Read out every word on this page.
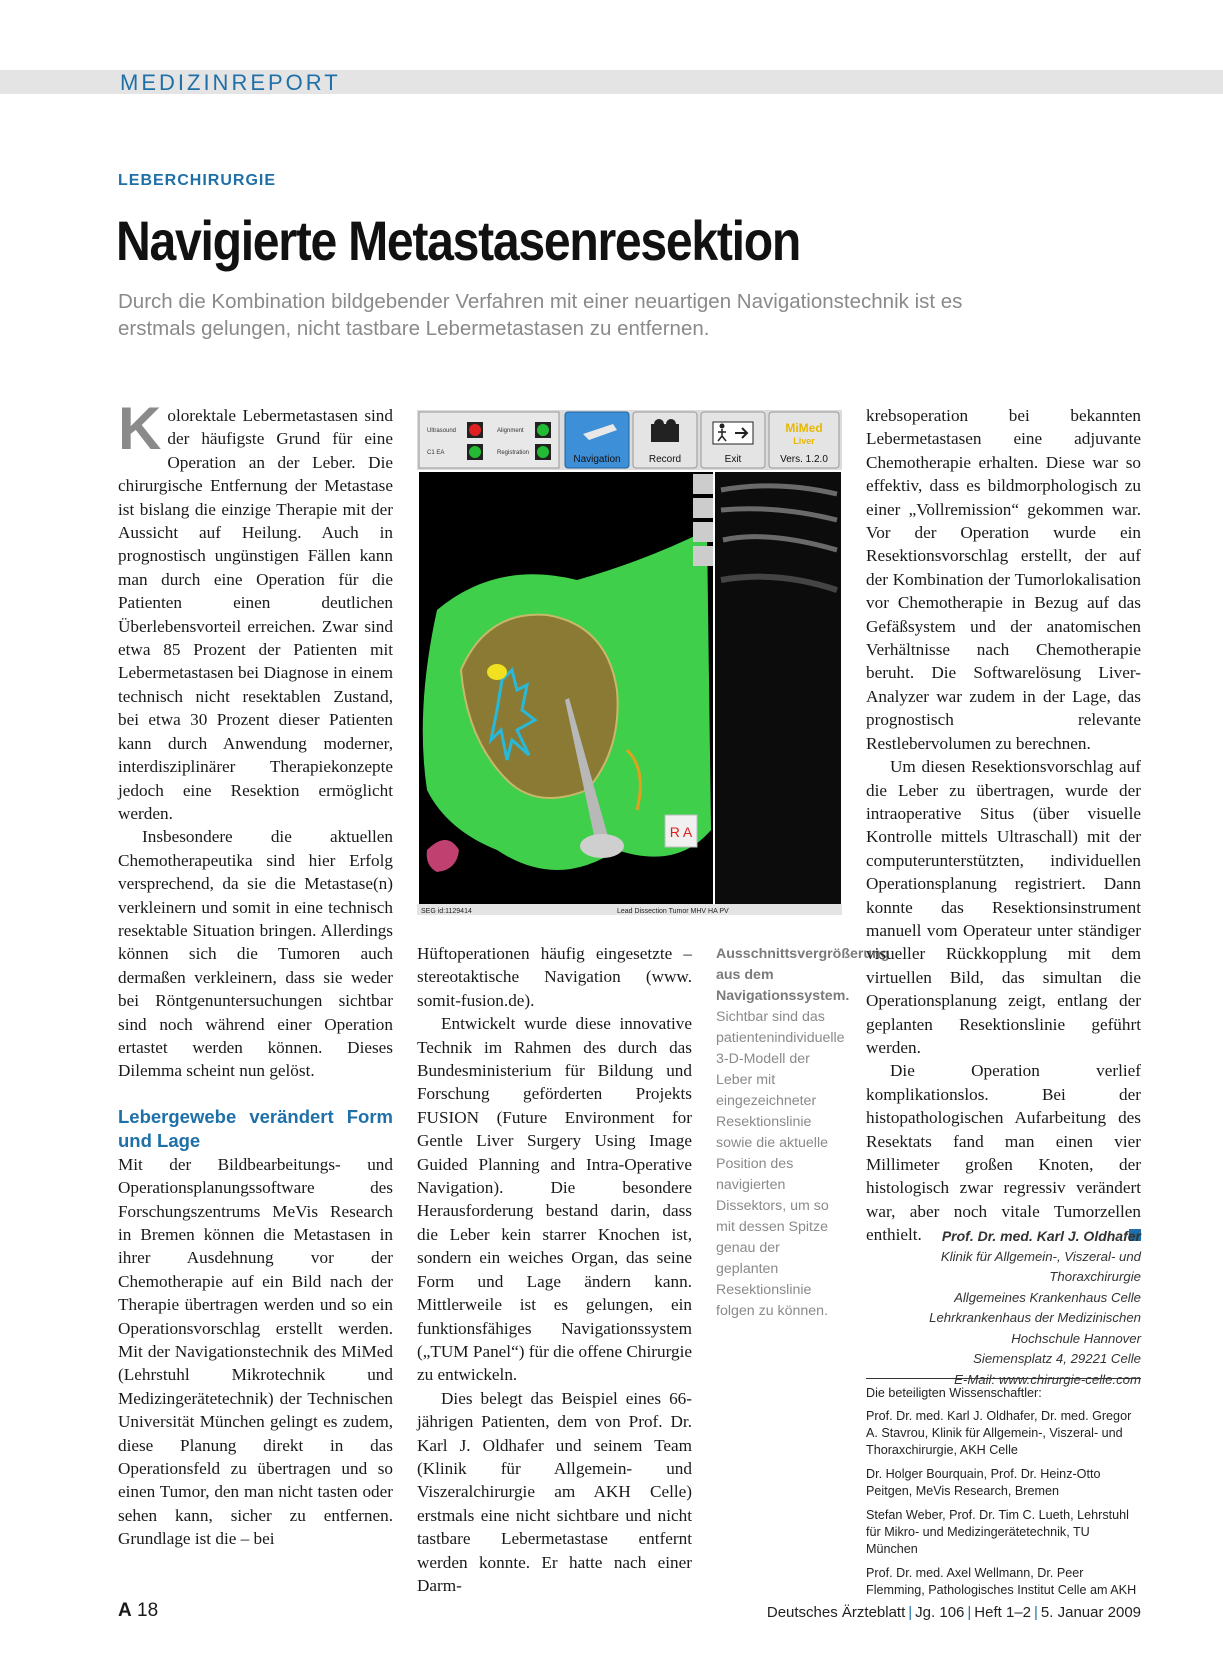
MEDIZINREPORT
LEBERCHIRURGIE
Navigierte Metastasenresektion
Durch die Kombination bildgebender Verfahren mit einer neuartigen Navigationstechnik ist es erstmals gelungen, nicht tastbare Lebermetastasen zu entfernen.

Kolorektale Lebermetastasen sind der häufigste Grund für eine Operation an der Leber. Die chirurgische Entfernung der Metastase ist bislang die einzige Therapie mit der Aussicht auf Heilung. Auch in prognostisch ungünstigen Fällen kann man durch eine Operation für die Patienten einen deutlichen Überlebensvorteil erreichen. Zwar sind etwa 85 Prozent der Patienten mit Lebermetastasen bei Diagnose in einem technisch nicht resektablen Zustand, bei etwa 30 Prozent dieser Patienten kann durch Anwendung moderner, interdisziplinärer Therapiekonzepte jedoch eine Resektion ermöglicht werden.

Insbesondere die aktuellen Chemotherapeutika sind hier Erfolg versprechend, da sie die Metastase(n) verkleinern und somit in eine technisch resektable Situation bringen. Allerdings können sich die Tumoren auch dermaßen verkleinern, dass sie weder bei Röntgenuntersuchungen sichtbar sind noch während einer Operation ertastet werden können. Dieses Dilemma scheint nun gelöst.

Lebergewebe verändert Form und Lage

Mit der Bildbearbeitungs- und Operationsplanungssoftware des Forschungszentrums MeVis Research in Bremen können die Metastasen in ihrer Ausdehnung vor der Chemotherapie auf ein Bild nach der Therapie übertragen werden und so ein Operationsvorschlag erstellt werden. Mit der Navigationstechnik des MiMed (Lehrstuhl Mikrotechnik und Medizingerätetechnik) der Technischen Universität München gelingt es zudem, diese Planung direkt in das Operationsfeld zu übertragen und so einen Tumor, den man nicht tasten oder sehen kann, sicher zu entfernen. Grundlage ist die – bei

Ultrasound	Alignment
C1 EA	Registration
Navigation	Record	Exit
MiMed
Liver
Vers. 1.2.0
R A
SEG id:1129414	Lead Dissection Tumor MHV HA PV

Hüftoperationen häufig eingesetzte – stereotaktische Navigation (www. somit-fusion.de).

Entwickelt wurde diese innovative Technik im Rahmen des durch das Bundesministerium für Bildung und Forschung geförderten Projekts FUSION (Future Environment for Gentle Liver Surgery Using Image Guided Planning and Intra-Operative Navigation). Die besondere Herausforderung bestand darin, dass die Leber kein starrer Knochen ist, sondern ein weiches Organ, das seine Form und Lage ändern kann. Mittlerweile ist es gelungen, ein funktionsfähiges Navigationssystem („TUM Panel“) für die offene Chirurgie zu entwickeln.

Dies belegt das Beispiel eines 66-jährigen Patienten, dem von Prof. Dr. Karl J. Oldhafer und seinem Team (Klinik für Allgemein- und Viszeralchirurgie am AKH Celle) erstmals eine nicht sichtbare und nicht tastbare Lebermetastase entfernt werden konnte. Er hatte nach einer Darm-

Ausschnittsvergrößerung aus dem Navigationssystem. Sichtbar sind das patientenindividuelle 3-D-Modell der Leber mit eingezeichneter Resektionslinie sowie die aktuelle Position des navigierten Dissektors, um so mit dessen Spitze genau der geplanten Resektionslinie folgen zu können.

krebsoperation bei bekannten Lebermetastasen eine adjuvante Chemotherapie erhalten. Diese war so effektiv, dass es bildmorphologisch zu einer „Vollremission“ gekommen war. Vor der Operation wurde ein Resektionsvorschlag erstellt, der auf der Kombination der Tumorlokalisation vor Chemotherapie in Bezug auf das Gefäßsystem und der anatomischen Verhältnisse nach Chemotherapie beruht. Die Softwarelösung Liver-Analyzer war zudem in der Lage, das prognostisch relevante Restlebervolumen zu berechnen.

Um diesen Resektionsvorschlag auf die Leber zu übertragen, wurde der intraoperative Situs (über visuelle Kontrolle mittels Ultraschall) mit der computerunterstützten, individuellen Operationsplanung registriert. Dann konnte das Resektionsinstrument manuell vom Operateur unter ständiger visueller Rückkopplung mit dem virtuellen Bild, das simultan die Operationsplanung zeigt, entlang der geplanten Resektionslinie geführt werden.

Die Operation verlief komplikationslos. Bei der histopathologischen Aufarbeitung des Resektats fand man einen vier Millimeter großen Knoten, der histologisch zwar regressiv verändert war, aber noch vitale Tumorzellen enthielt.	Prof. Dr. med. Karl J. Oldhafer
Klinik für Allgemein-, Viszeral- und Thoraxchirurgie
Allgemeines Krankenhaus Celle
Lehrkrankenhaus der Medizinischen
Hochschule Hannover
Siemensplatz 4, 29221 Celle
E-Mail: www.chirurgie-celle.com
Die beteiligten Wissenschaftler:
Prof. Dr. med. Karl J. Oldhafer, Dr. med. Gregor A. Stavrou, Klinik für Allgemein-, Viszeral- und Thoraxchirurgie, AKH Celle
Dr. Holger Bourquain, Prof. Dr. Heinz-Otto Peitgen, MeVis Research, Bremen
Stefan Weber, Prof. Dr. Tim C. Lueth, Lehrstuhl für Mikro- und Medizingerätetechnik, TU München
Prof. Dr. med. Axel Wellmann, Dr. Peer Flemming, Pathologisches Institut Celle am AKH
A 18	Deutsches Ärzteblatt | Jg. 106 | Heft 1–2 | 5. Januar 2009
